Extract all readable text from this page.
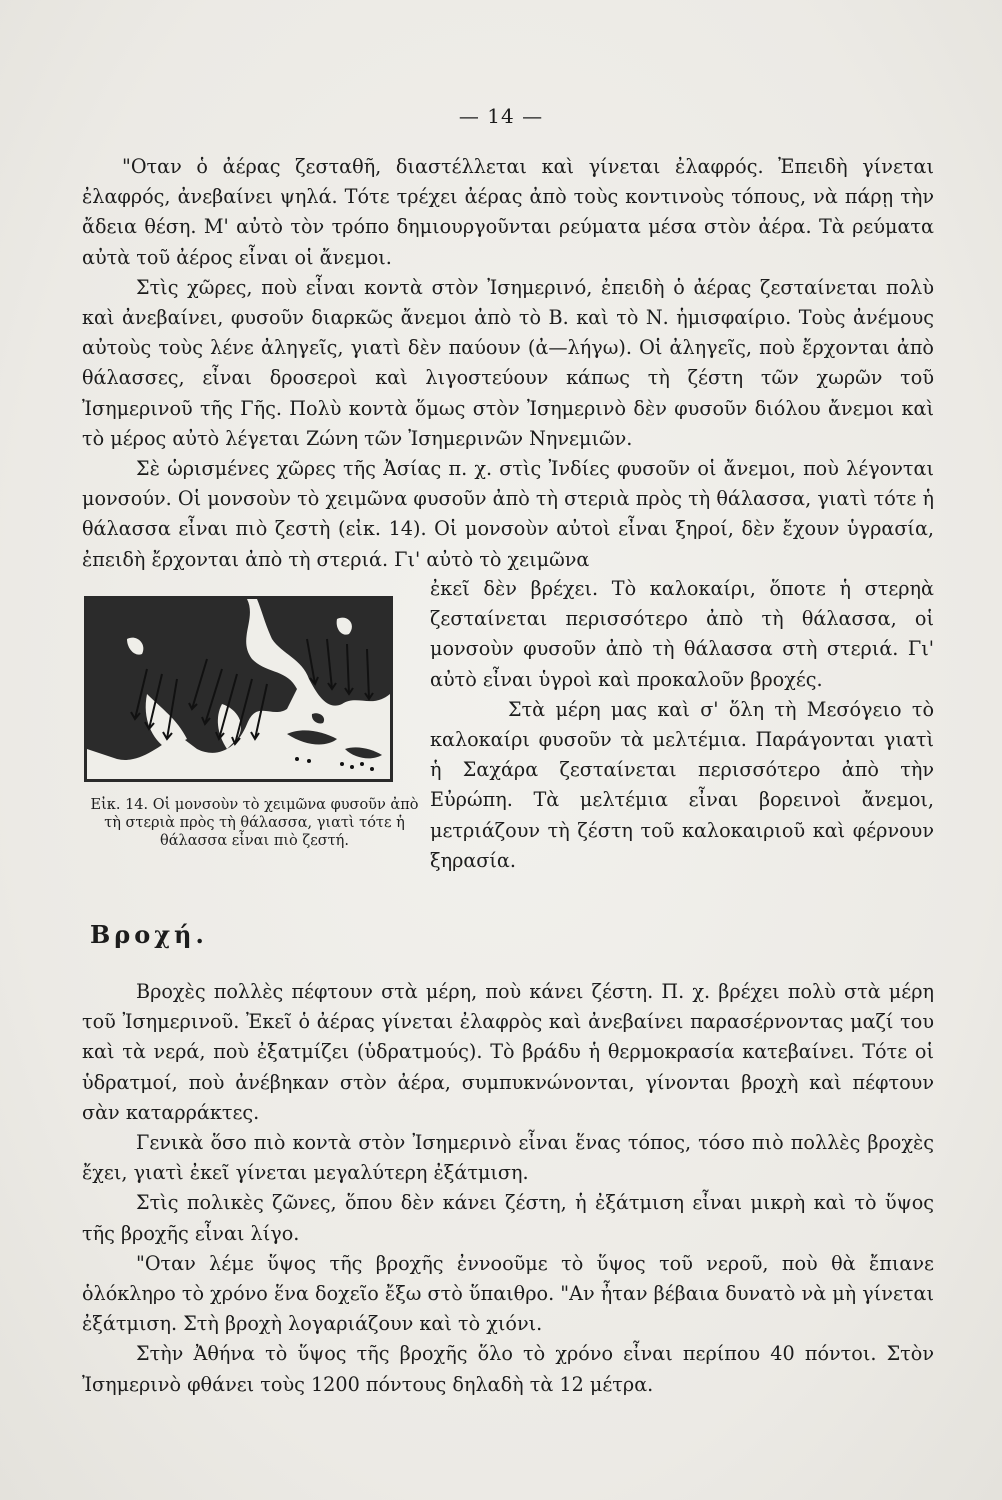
— 14 —

"Οταν ὁ ἀέρας ζεσταθῆ, διαστέλλεται καὶ γίνεται ἐλαφρός. Ἐπειδὴ γίνεται ἐλαφρός, ἀνεβαίνει ψηλά. Τότε τρέχει ἀέρας ἀπὸ τοὺς κοντινοὺς τόπους, νὰ πάρῃ τὴν ἄδεια θέση. Μ' αὐτὸ τὸν τρόπο δημιουργοῦνται ρεύματα μέσα στὸν ἀέρα. Τὰ ρεύματα αὐτὰ τοῦ ἀέρος εἶναι οἱ ἄνεμοι.

Στὶς χῶρες, ποὺ εἶναι κοντὰ στὸν Ἰσημερινό, ἐπειδὴ ὁ ἀέρας ζεσταίνεται πολὺ καὶ ἀνεβαίνει, φυσοῦν διαρκῶς ἄνεμοι ἀπὸ τὸ Β. καὶ τὸ Ν. ἡμισφαίριο. Τοὺς ἀνέμους αὐτοὺς τοὺς λένε ἀληγεῖς, γιατὶ δὲν παύουν (ἀ—λήγω). Οἱ ἀληγεῖς, ποὺ ἔρχονται ἀπὸ θάλασσες, εἶναι δροσεροὶ καὶ λιγοστεύουν κάπως τὴ ζέστη τῶν χωρῶν τοῦ Ἰσημερινοῦ τῆς Γῆς. Πολὺ κοντὰ ὅμως στὸν Ἰσημερινὸ δὲν φυσοῦν διόλου ἄνεμοι καὶ τὸ μέρος αὐτὸ λέγεται Ζώνη τῶν Ἰσημερινῶν Νηνεμιῶν.

Σὲ ὡρισμένες χῶρες τῆς Ἀσίας π. χ. στὶς Ἰνδίες φυσοῦν οἱ ἄνεμοι, ποὺ λέγονται μονσούν. Οἱ μονσοὺν τὸ χειμῶνα φυσοῦν ἀπὸ τὴ στεριὰ πρὸς τὴ θάλασσα, γιατὶ τότε ἡ θάλασσα εἶναι πιὸ ζεστὴ (εἰκ. 14). Οἱ μονσοὺν αὐτοὶ εἶναι ξηροί, δὲν ἔχουν ὑγρασία, ἐπειδὴ ἔρχονται ἀπὸ τὴ στεριά. Γι' αὐτὸ τὸ χειμῶνα

Εἰκ. 14. Οἱ μονσοὺν τὸ χειμῶνα φυσοῦν ἀπὸ τὴ στεριὰ πρὸς τὴ θάλασσα, γιατὶ τότε ἡ θάλασσα εἶναι πιὸ ζεστή.

ἐκεῖ δὲν βρέχει. Τὸ καλοκαίρι, ὅποτε ἡ στερηὰ ζεσταίνεται περισσότερο ἀπὸ τὴ θάλασσα, οἱ μονσοὺν φυσοῦν ἀπὸ τὴ θάλασσα στὴ στεριά. Γι' αὐτὸ εἶναι ὑγροὶ καὶ προκαλοῦν βροχές.

Στὰ μέρη μας καὶ σ' ὅλη τὴ Μεσόγειο τὸ καλοκαίρι φυσοῦν τὰ μελτέμια. Παράγονται γιατὶ ἡ Σαχάρα ζεσταίνεται περισσότερο ἀπὸ τὴν Εὐρώπη. Τὰ μελτέμια εἶναι βορεινοὶ ἄνεμοι, μετριάζουν τὴ ζέστη τοῦ καλοκαιριοῦ καὶ φέρνουν ξηρασία.

Βροχή.

Βροχὲς πολλὲς πέφτουν στὰ μέρη, ποὺ κάνει ζέστη. Π. χ. βρέχει πολὺ στὰ μέρη τοῦ Ἰσημερινοῦ. Ἐκεῖ ὁ ἀέρας γίνεται ἐλαφρὸς καὶ ἀνεβαίνει παρασέρνοντας μαζί του καὶ τὰ νερά, ποὺ ἐξατμίζει (ὑδρατμούς). Τὸ βράδυ ἡ θερμοκρασία κατεβαίνει. Τότε οἱ ὑδρατμοί, ποὺ ἀνέβηκαν στὸν ἀέρα, συμπυκνώνονται, γίνονται βροχὴ καὶ πέφτουν σὰν καταρράκτες.

Γενικὰ ὅσο πιὸ κοντὰ στὸν Ἰσημερινὸ εἶναι ἕνας τόπος, τόσο πιὸ πολλὲς βροχὲς ἔχει, γιατὶ ἐκεῖ γίνεται μεγαλύτερη ἐξάτμιση.

Στὶς πολικὲς ζῶνες, ὅπου δὲν κάνει ζέστη, ἡ ἐξάτμιση εἶναι μικρὴ καὶ τὸ ὕψος τῆς βροχῆς εἶναι λίγο.

"Οταν λέμε ὕψος τῆς βροχῆς ἐννοοῦμε τὸ ὕψος τοῦ νεροῦ, ποὺ θὰ ἔπιανε ὁλόκληρο τὸ χρόνο ἕνα δοχεῖο ἔξω στὸ ὕπαιθρο. "Αν ἦταν βέβαια δυνατὸ νὰ μὴ γίνεται ἐξάτμιση. Στὴ βροχὴ λογαριάζουν καὶ τὸ χιόνι.

Στὴν Ἀθήνα τὸ ὕψος τῆς βροχῆς ὅλο τὸ χρόνο εἶναι περίπου 40 πόντοι. Στὸν Ἰσημερινὸ φθάνει τοὺς 1200 πόντους δηλαδὴ τὰ 12 μέτρα.
